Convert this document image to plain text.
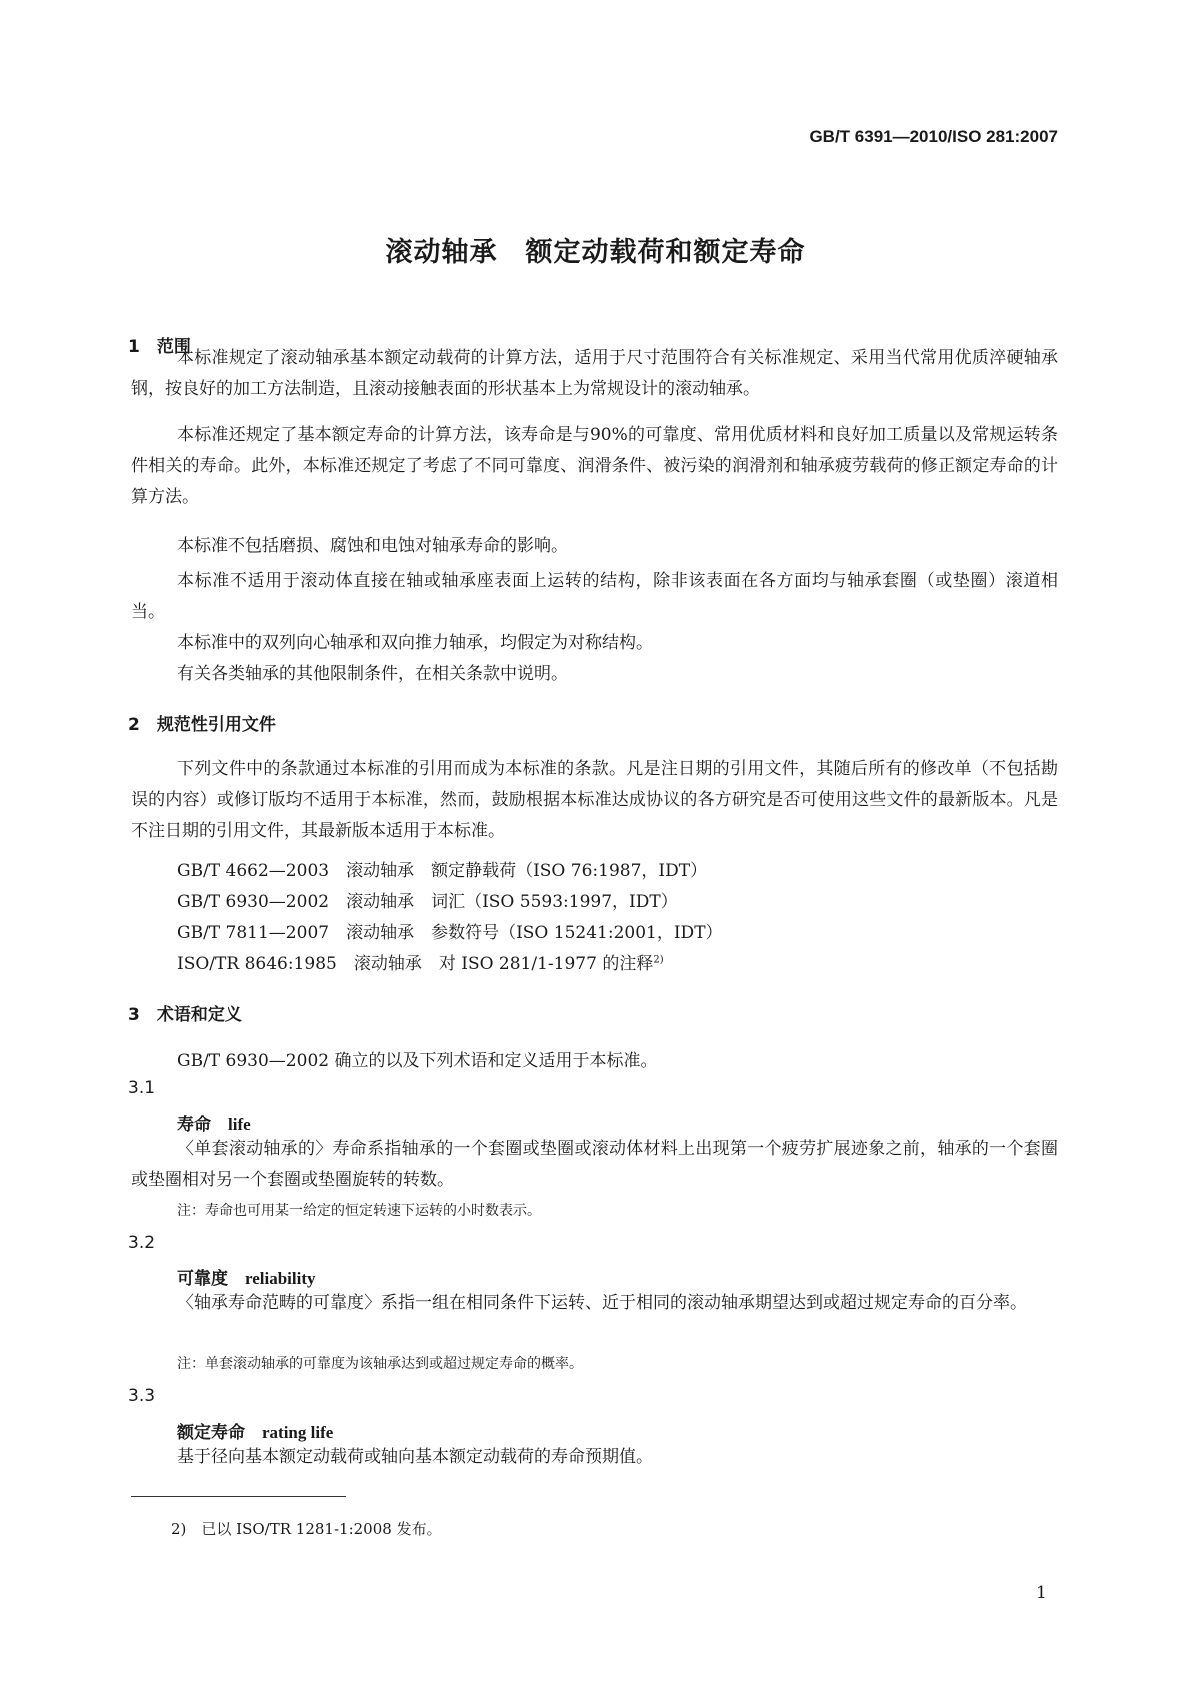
GB/T 6391—2010/ISO 281:2007
滚动轴承　额定动载荷和额定寿命
1　范围

本标准规定了滚动轴承基本额定动载荷的计算方法，适用于尺寸范围符合有关标准规定、采用当代常用优质淬硬轴承钢，按良好的加工方法制造，且滚动接触表面的形状基本上为常规设计的滚动轴承。

本标准还规定了基本额定寿命的计算方法，该寿命是与90%的可靠度、常用优质材料和良好加工质量以及常规运转条件相关的寿命。此外，本标准还规定了考虑了不同可靠度、润滑条件、被污染的润滑剂和轴承疲劳载荷的修正额定寿命的计算方法。

本标准不包括磨损、腐蚀和电蚀对轴承寿命的影响。

本标准不适用于滚动体直接在轴或轴承座表面上运转的结构，除非该表面在各方面均与轴承套圈（或垫圈）滚道相当。

本标准中的双列向心轴承和双向推力轴承，均假定为对称结构。

有关各类轴承的其他限制条件，在相关条款中说明。

2　规范性引用文件

下列文件中的条款通过本标准的引用而成为本标准的条款。凡是注日期的引用文件，其随后所有的修改单（不包括勘误的内容）或修订版均不适用于本标准，然而，鼓励根据本标准达成协议的各方研究是否可使用这些文件的最新版本。凡是不注日期的引用文件，其最新版本适用于本标准。

GB/T 4662—2003　滚动轴承　额定静载荷（ISO 76:1987，IDT）
GB/T 6930—2002　滚动轴承　词汇（ISO 5593:1997，IDT）
GB/T 7811—2007　滚动轴承　参数符号（ISO 15241:2001，IDT）
ISO/TR 8646:1985　滚动轴承　对 ISO 281/1-1977 的注释$^{2)}$
3　术语和定义
GB/T 6930—2002 确立的以及下列术语和定义适用于本标准。
3.1
寿命　 life

〈单套滚动轴承的〉寿命系指轴承的一个套圈或垫圈或滚动体材料上出现第一个疲劳扩展迹象之前，轴承的一个套圈或垫圈相对另一个套圈或垫圈旋转的转数。

注：寿命也可用某一给定的恒定转速下运转的小时数表示。
3.2
可靠度　 reliability

〈轴承寿命范畴的可靠度〉系指一组在相同条件下运转、近于相同的滚动轴承期望达到或超过规定寿命的百分率。

注：单套滚动轴承的可靠度为该轴承达到或超过规定寿命的概率。
3.3
额定寿命　 rating life

基于径向基本额定动载荷或轴向基本额定动载荷的寿命预期值。

2)　已以 ISO/TR 1281-1:2008 发布。
1
